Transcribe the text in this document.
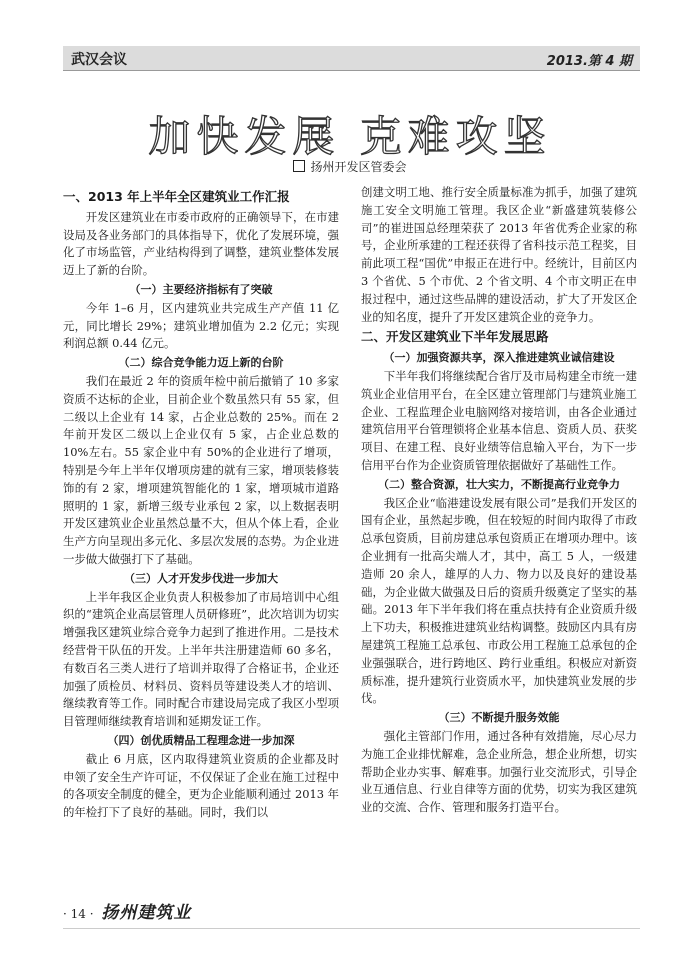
武汉会议	2013.第 4 期
加快发展 克难攻坚
扬州开发区管委会
一、2013 年上半年全区建筑业工作汇报

开发区建筑业在市委市政府的正确领导下，在市建设局及各业务部门的具体指导下，优化了发展环境，强化了市场监管，产业结构得到了调整，建筑业整体发展迈上了新的台阶。

（一）主要经济指标有了突破

今年 1–6 月，区内建筑业共完成生产产值 11 亿元，同比增长 29%；建筑业增加值为 2.2 亿元；实现利润总额 0.44 亿元。

（二）综合竞争能力迈上新的台阶

我们在最近 2 年的资质年检中前后撤销了 10 多家资质不达标的企业，目前企业个数虽然只有 55 家，但二级以上企业有 14 家，占企业总数的 25%。而在 2 年前开发区二级以上企业仅有 5 家，占企业总数的 10%左右。55 家企业中有 50%的企业进行了增项，特别是今年上半年仅增项房建的就有三家，增项装修装饰的有 2 家，增项建筑智能化的 1 家，增项城市道路照明的 1 家，新增三级专业承包 2 家，以上数据表明开发区建筑业企业虽然总量不大，但从个体上看，企业生产方向呈现出多元化、多层次发展的态势。为企业进一步做大做强打下了基础。

（三）人才开发步伐进一步加大

上半年我区企业负责人积极参加了市局培训中心组织的“建筑企业高层管理人员研修班”，此次培训为切实增强我区建筑业综合竞争力起到了推进作用。二是技术经营骨干队伍的开发。上半年共注册建造师 60 多名，有数百名三类人进行了培训并取得了合格证书，企业还加强了质检员、材料员、资料员等建设类人才的培训、继续教育等工作。同时配合市建设局完成了我区小型项目管理师继续教育培训和延期发证工作。

（四）创优质精品工程理念进一步加深

截止 6 月底，区内取得建筑业资质的企业都及时申领了安全生产许可证，不仅保证了企业在施工过程中的各项安全制度的健全，更为企业能顺利通过 2013 年的年检打下了良好的基础。同时，我们以

创建文明工地、推行安全质量标准为抓手，加强了建筑施工安全文明施工管理。我区企业“新盛建筑装修公司”的崔进国总经理荣获了 2013 年省优秀企业家的称号，企业所承建的工程还获得了省科技示范工程奖，目前此项工程“国优”申报正在进行中。经统计，目前区内 3 个省优、5 个市优、2 个省文明、4 个市文明正在申报过程中，通过这些品牌的建设活动，扩大了开发区企业的知名度，提升了开发区建筑企业的竞争力。

二、开发区建筑业下半年发展思路
（一）加强资源共享，深入推进建筑业诚信建设

下半年我们将继续配合省厅及市局构建全市统一建筑业企业信用平台，在全区建立管理部门与建筑业施工企业、工程监理企业电脑网络对接培训，由各企业通过建筑信用平台管理锁将企业基本信息、资质人员、获奖项目、在建工程、良好业绩等信息输入平台，为下一步信用平台作为企业资质管理依据做好了基础性工作。

（二）整合资源，壮大实力，不断提高行业竞争力

我区企业“临港建设发展有限公司”是我们开发区的国有企业，虽然起步晚，但在较短的时间内取得了市政总承包资质，目前房建总承包资质正在增项办理中。该企业拥有一批高尖端人才，其中，高工 5 人，一级建造师 20 余人，雄厚的人力、物力以及良好的建设基础，为企业做大做强及日后的资质升级奠定了坚实的基础。2013 年下半年我们将在重点扶持有企业资质升级上下功夫，积极推进建筑业结构调整。鼓励区内具有房屋建筑工程施工总承包、市政公用工程施工总承包的企业强强联合，进行跨地区、跨行业重组。积极应对新资质标准，提升建筑行业资质水平，加快建筑业发展的步伐。

（三）不断提升服务效能

强化主管部门作用，通过各种有效措施，尽心尽力为施工企业排忧解难，急企业所急，想企业所想，切实帮助企业办实事、解难事。加强行业交流形式，引导企业互通信息、行业自律等方面的优势，切实为我区建筑业的交流、合作、管理和服务打造平台。

· 14 · 扬州建筑业
